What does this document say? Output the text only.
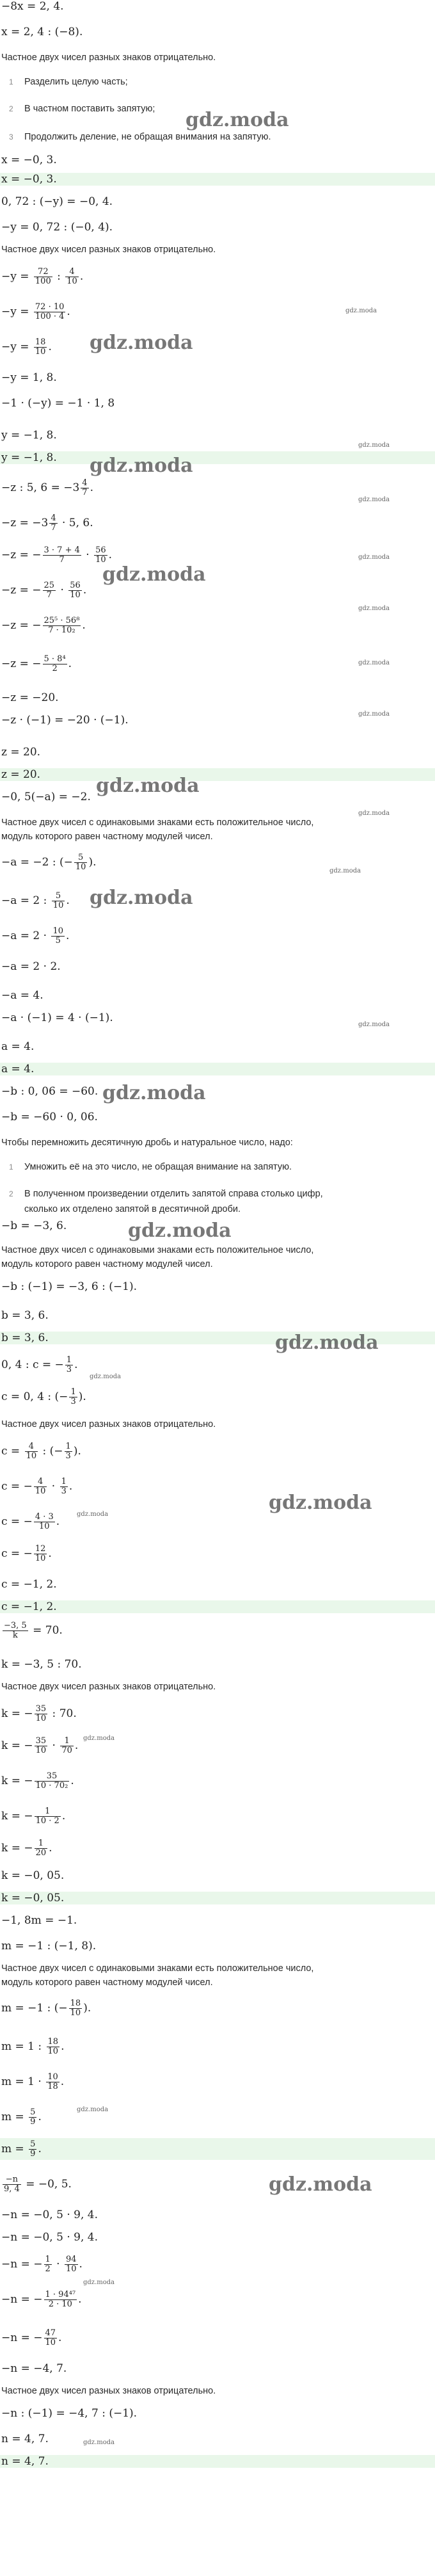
−8x = 2, 4.
x = 2, 4 : (−8).
Частное двух чисел разных знаков отрицательно.
1 Разделить целую часть;
2 В частном поставить запятую;
3 Продолжить деление, не обращая внимания на запятую.
x = −0, 3.
x = −0, 3.
0, 72 : (−y) = −0, 4.
−y = 0, 72 : (−0, 4).
Частное двух чисел разных знаков отрицательно.
$-y = \frac{72}{100}$ : $\frac{4}{10}$ .
$-y = \frac{72 \cdot 10}{100 \cdot 4}$ .
$-y = \frac{18}{10}$ .
−y = 1, 8.
−1 · (−y) = −1 · 1, 8
y = −1, 8.
y = −1, 8.
−z : 5, $6 = -3 \frac{4}{7}$ .
$-z = -3 \frac{4}{7} \cdot 5$, 6.
−z = − $\frac{3 \cdot 7 + 4}{7} \cdot \frac{56}{10}$ .
−z = − $\frac{25}{7} \cdot \frac{56}{10}$ .
−z = − $\frac{\text{25⁵ · 56⁸}}{\text{7 · 10₂}}$ .
−z = − $\frac{\text{5 · 8⁴}}{2}$ .
−z = −20.
−z · (−1) = −20 · (−1).
z = 20.
z = 20.
−0, 5(−a) = −2.
Частное двух чисел с одинаковыми знаками есть положительное число,
модуль которого равен частному модулей чисел.
−a = −2 : (− $\frac{5}{10}$ ).
−a = 2 : $\frac{5}{10}$ .
$-a = 2 \cdot \frac{10}{5}$ .
−a = 2 · 2.
−a = 4.
−a · (−1) = 4 · (−1).
a = 4.
a = 4.
−b : 0, 06 = −60.
−b = −60 · 0, 06.
Чтобы перемножить десятичную дробь и натуральное число, надо:
1 Умножить её на это число, не обращая внимание на запятую.
2 В полученном произведении отделить запятой справа столько цифр,
сколько их отделено запятой в десятичной дроби.
−b = −3, 6.
Частное двух чисел с одинаковыми знаками есть положительное число,
модуль которого равен частному модулей чисел.
−b : (−1) = −3, 6 : (−1).
b = 3, 6.
b = 3, 6.
0, 4 : c = − $\frac{1}{3}$ .
c = 0, 4 : (− $\frac{1}{3}$ ).
Частное двух чисел разных знаков отрицательно.
$c = \frac{4}{10}$ : (− $\frac{1}{3}$ ).
c = − $\frac{4}{10} \cdot \frac{1}{3}$ .
c = − $\frac{4 \cdot 3}{10}$ .
c = − $\frac{12}{10}$ .
c = −1, 2.
c = −1, 2.
$\frac{-3, 5}{k} = 70$.
k = −3, 5 : 70.
Частное двух чисел разных знаков отрицательно.
k = − $\frac{35}{10}$ : 70.
k = − $\frac{35}{10} \cdot \frac{1}{70}$ .
k = − $\frac{35}{\text{10 · 70₂}}$ .
k = − $\frac{1}{10 \cdot 2}$ .
k = − $\frac{1}{20}$ .
k = −0, 05.
k = −0, 05.
−1, 8m = −1.
m = −1 : (−1, 8).
Частное двух чисел с одинаковыми знаками есть положительное число,
модуль которого равен частному модулей чисел.
m = −1 : (− $\frac{18}{10}$ ).
m = 1 : $\frac{18}{10}$ .
$m = 1 \cdot \frac{10}{18}$ .
$m = \frac{5}{9}$ .
$m = \frac{5}{9}$ .
$\frac{-n}{9, 4} = -0$, 5.
−n = −0, 5 · 9, 4.
−n = −0, 5 · 9, 4.
−n = − $\frac{1}{2} \cdot \frac{94}{10}$ .
−n = − $\frac{\text{1 · 94⁴⁷}}{2 \cdot 10}$ .
−n = − $\frac{47}{10}$ .
−n = −4, 7.
Частное двух чисел разных знаков отрицательно.
−n : (−1) = −4, 7 : (−1).
n = 4, 7.
n = 4, 7.
gdz.moda
gdz.moda
gdz.moda
gdz.moda
gdz.moda
gdz.moda
gdz.moda
gdz.moda
gdz.moda
gdz.moda
gdz.moda
gdz.moda
gdz.moda
gdz.moda
gdz.moda
gdz.moda
gdz.moda
gdz.moda
gdz.moda
gdz.moda
gdz.moda
gdz.moda
gdz.moda
gdz.moda
gdz.moda
gdz.moda
gdz.moda
